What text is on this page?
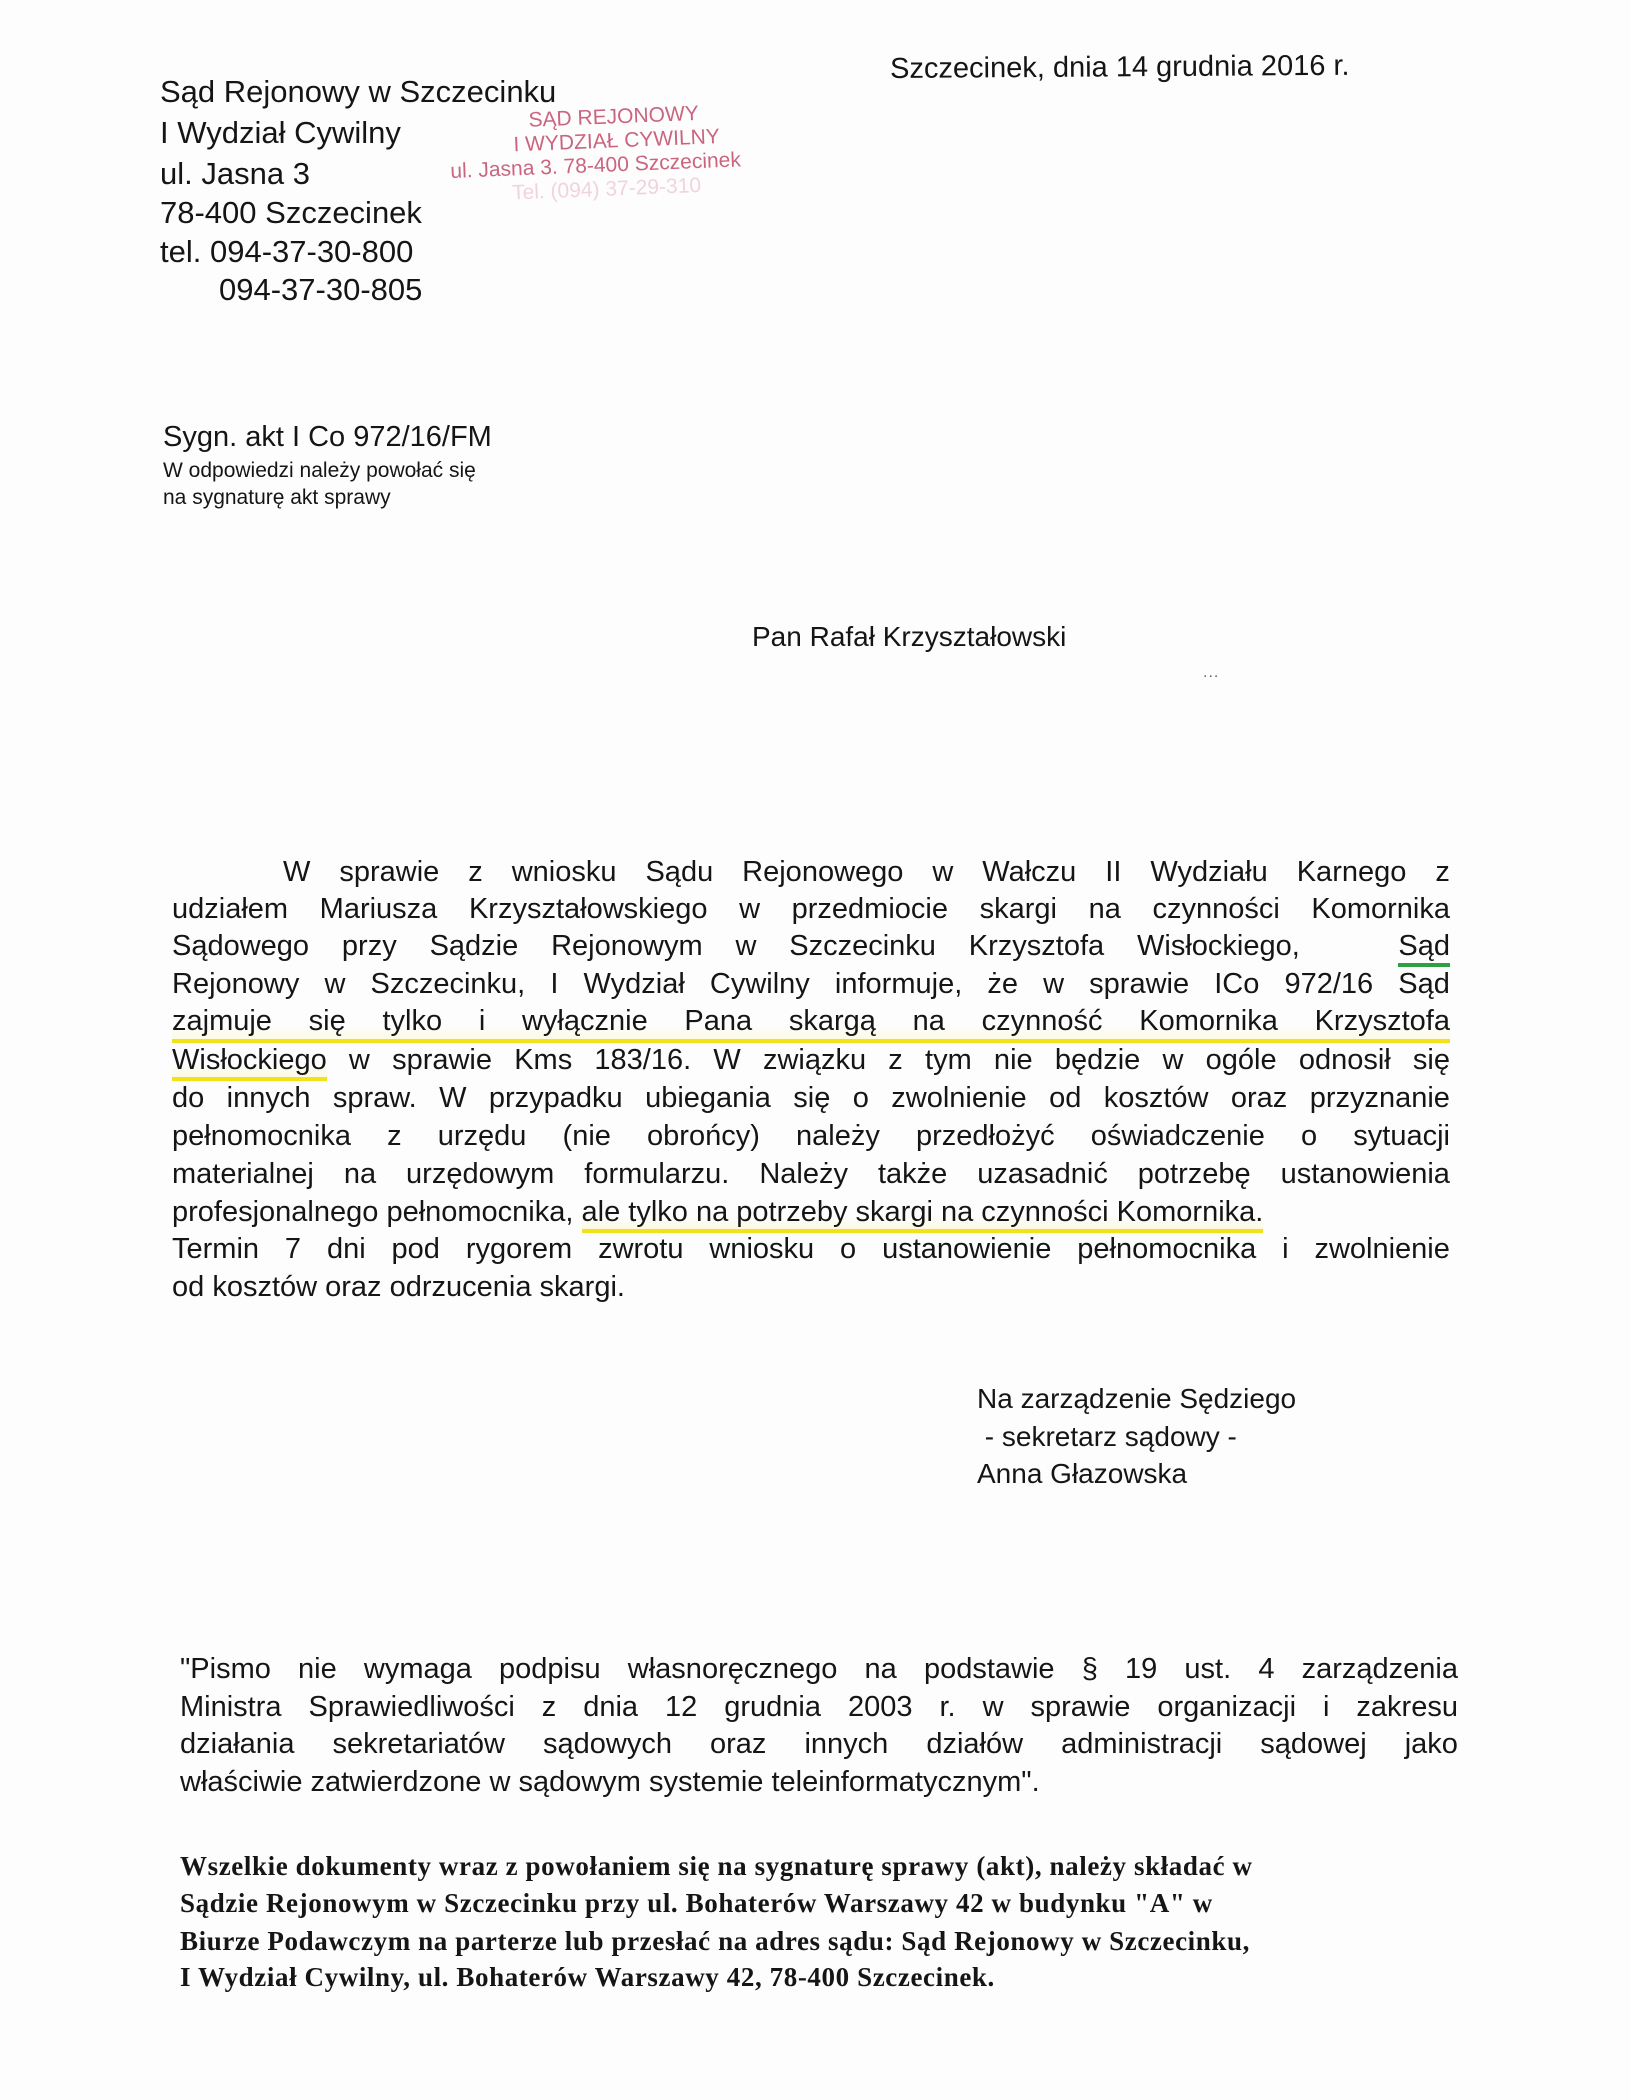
Sąd Rejonowy w Szczecinku
I Wydział Cywilny
ul. Jasna 3
78-400 Szczecinek
tel. 094-37-30-800
094-37-30-805
Szczecinek, dnia 14 grudnia 2016 r.
SĄD REJONOWY
I WYDZIAŁ CYWILNY
ul. Jasna 3. 78-400 Szczecinek
Tel. (094) 37-29-310
Sygn. akt I Co 972/16/FM
W odpowiedzi należy powołać się
na sygnaturę akt sprawy
Pan Rafał Krzyształowski
...
W sprawie z wniosku Sądu Rejonowego w Wałczu II Wydziału Karnego z
udziałem Mariusza Krzyształowskiego w przedmiocie skargi na czynności Komornika
Sądowego przy Sądzie Rejonowym w Szczecinku Krzysztofa Wisłockiego,	Sąd
Rejonowy w Szczecinku, I Wydział Cywilny informuje, że w sprawie ICo 972/16 Sąd
zajmuje się tylko i wyłącznie Pana skargą na czynność Komornika Krzysztofa
Wisłockiego w sprawie Kms 183/16. W związku z tym nie będzie w ogóle odnosił się
do innych spraw. W przypadku ubiegania się o zwolnienie od kosztów oraz przyznanie
pełnomocnika z urzędu (nie obrońcy) należy przedłożyć oświadczenie o sytuacji
materialnej na urzędowym formularzu. Należy także uzasadnić potrzebę ustanowienia
profesjonalnego pełnomocnika, ale tylko na potrzeby skargi na czynności Komornika.
Termin 7 dni pod rygorem zwrotu wniosku o ustanowienie pełnomocnika i zwolnienie
od kosztów oraz odrzucenia skargi.
Na zarządzenie Sędziego
- sekretarz sądowy -
Anna Głazowska
"Pismo nie wymaga podpisu własnoręcznego na podstawie § 19 ust. 4 zarządzenia
Ministra Sprawiedliwości z dnia 12 grudnia 2003 r. w sprawie organizacji i zakresu
działania sekretariatów sądowych oraz innych działów administracji sądowej jako
właściwie zatwierdzone w sądowym systemie teleinformatycznym".
Wszelkie dokumenty wraz z powołaniem się na sygnaturę sprawy (akt), należy składać w
Sądzie Rejonowym w Szczecinku przy ul. Bohaterów Warszawy 42 w budynku "A" w
Biurze Podawczym na parterze lub przesłać na adres sądu: Sąd Rejonowy w Szczecinku,
I Wydział Cywilny, ul. Bohaterów Warszawy 42, 78-400 Szczecinek.
